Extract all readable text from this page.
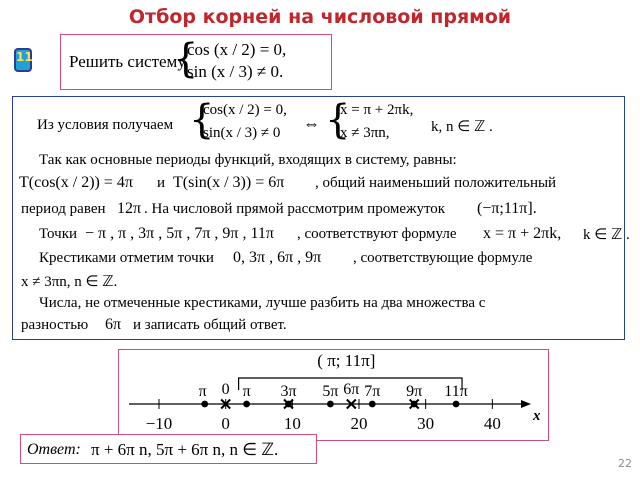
Отбор корней на числовой прямой
11 Решить систему
{
cos (x / 2) = 0,
sin (x / 3) ≠ 0.
Из условия получаем {
cos(x / 2) = 0,
sin(x / 3) ≠ 0 ⇔ {
x = π + 2πk,
x ≠ 3πn,	k, n ∈ ℤ .
Так как основные периоды функций, входящих в систему, равны:
T(cos(x / 2)) = 4π и T(sin(x / 3)) = 6π , общий наименьший положительный
период равен 12π . На числовой прямой рассмотрим промежуток (−π;11π].
Точки − π , π , 3π , 5π , 7π , 9π , 11π , соответствуют формуле x = π + 2πk, k ∈ ℤ .
Крестиками отметим точки 0, 3π , 6π , 9π , соответствующие формуле
x ≠ 3πn, n ∈ ℤ.
Числа, не отмеченные крестиками, лучше разбить на два множества с
разностью 6π и записать общий ответ.
x
−10	0	10	20	30	40
( π; 11π]
π π 3π 5π 7π 9π 11π
0	6π
Ответ: π + 6π n, 5π + 6π n, n ∈ ℤ.
22
